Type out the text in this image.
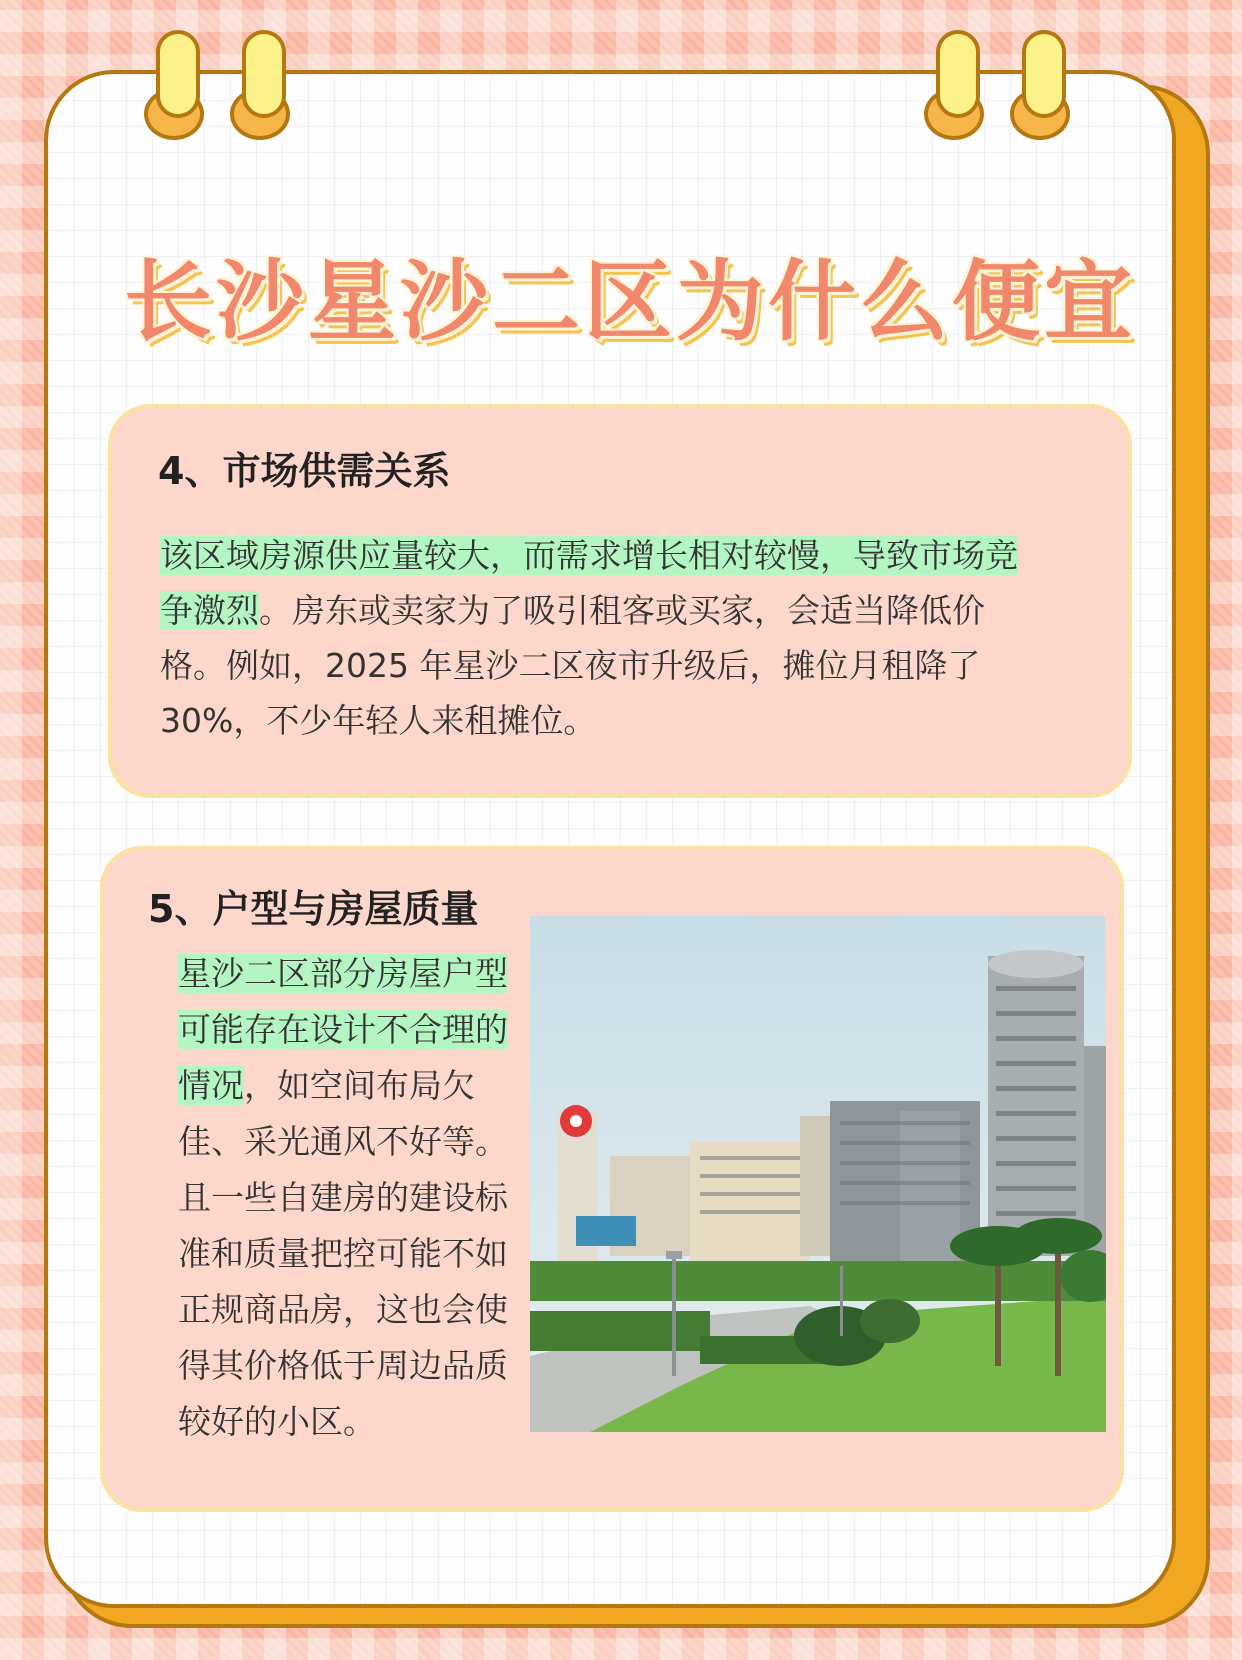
长沙星沙二区为什么便宜
4、市场供需关系
该区域房源供应量较大，而需求增长相对较慢，导致市场竞争激烈。房东或卖家为了吸引租客或买家，会适当降低价格。例如，2025 年星沙二区夜市升级后，摊位月租降了 30%，不少年轻人来租摊位。
5、户型与房屋质量
星沙二区部分房屋户型可能存在设计不合理的情况，如空间布局欠佳、采光通风不好等。且一些自建房的建设标准和质量把控可能不如正规商品房，这也会使得其价格低于周边品质较好的小区。
